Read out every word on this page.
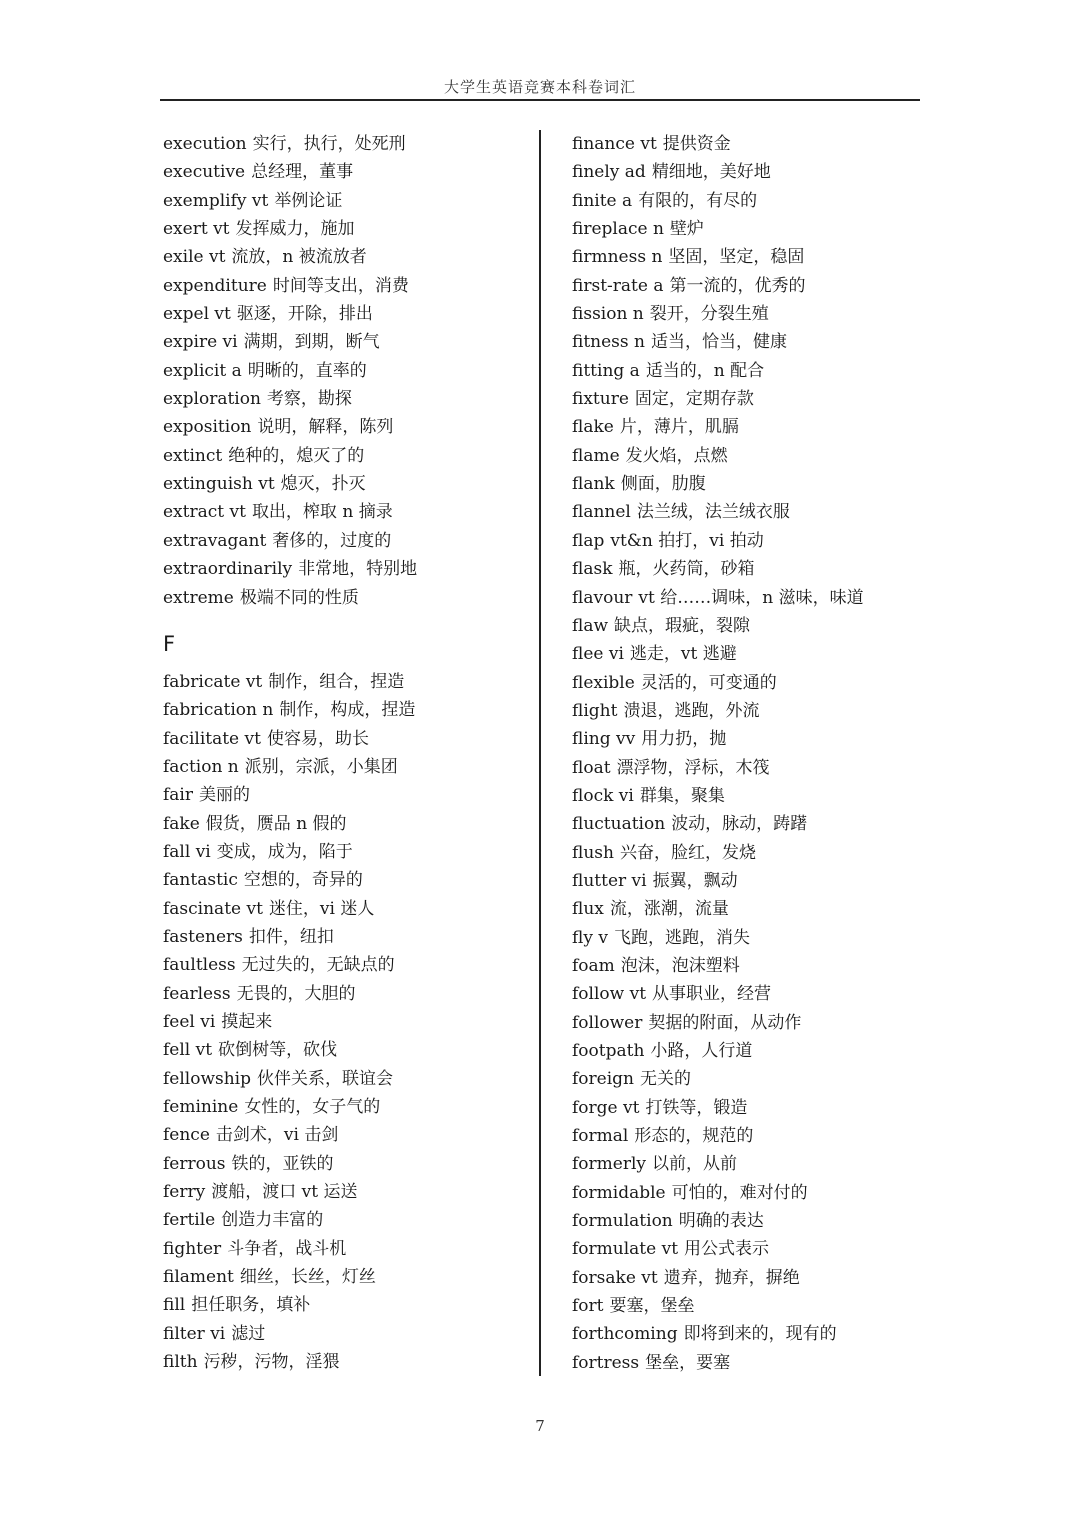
大学生英语竞赛本科卷词汇
execution 实行，执行，处死刑
executive 总经理，董事
exemplify vt 举例论证
exert vt 发挥威力，施加
exile vt 流放，n 被流放者
expenditure 时间等支出，消费
expel vt 驱逐，开除，排出
expire vi 满期，到期，断气
explicit a 明晰的，直率的
exploration 考察，勘探
exposition 说明，解释，陈列
extinct 绝种的，熄灭了的
extinguish vt 熄灭，扑灭
extract vt 取出，榨取 n 摘录
extravagant 奢侈的，过度的
extraordinarily 非常地，特别地
extreme 极端不同的性质
F
fabricate vt 制作，组合，捏造
fabrication n 制作，构成，捏造
facilitate vt 使容易，助长
faction n 派别，宗派，小集团
fair 美丽的
fake 假货，赝品 n 假的
fall vi 变成，成为，陷于
fantastic 空想的，奇异的
fascinate vt 迷住，vi 迷人
fasteners 扣件，纽扣
faultless 无过失的，无缺点的
fearless 无畏的，大胆的
feel vi 摸起来
fell vt 砍倒树等，砍伐
fellowship 伙伴关系，联谊会
feminine 女性的，女子气的
fence 击剑术，vi 击剑
ferrous 铁的，亚铁的
ferry 渡船，渡口 vt 运送
fertile 创造力丰富的
fighter 斗争者，战斗机
filament 细丝，长丝，灯丝
fill 担任职务，填补
filter vi 滤过
filth 污秽，污物，淫猥
finance vt 提供资金
finely ad 精细地，美好地
finite a 有限的，有尽的
fireplace n 壁炉
firmness n 坚固，坚定，稳固
first-rate a 第一流的，优秀的
fission n 裂开，分裂生殖
fitness n 适当，恰当，健康
fitting a 适当的，n 配合
fixture 固定，定期存款
flake 片，薄片，肌膈
flame 发火焰，点燃
flank 侧面，肋腹
flannel 法兰绒，法兰绒衣服
flap vt&n 拍打，vi 拍动
flask 瓶，火药筒，砂箱
flavour vt 给……调味，n 滋味，味道
flaw 缺点，瑕疵，裂隙
flee vi 逃走，vt 逃避
flexible 灵活的，可变通的
flight 溃退，逃跑，外流
fling vv 用力扔，抛
float 漂浮物，浮标，木筏
flock vi 群集，聚集
fluctuation 波动，脉动，踌躇
flush 兴奋，脸红，发烧
flutter vi 振翼，飘动
flux 流，涨潮，流量
fly v 飞跑，逃跑，消失
foam 泡沫，泡沫塑料
follow vt 从事职业，经营
follower 契据的附面，从动作
footpath 小路，人行道
foreign 无关的
forge vt 打铁等，锻造
formal 形态的，规范的
formerly 以前，从前
formidable 可怕的，难对付的
formulation 明确的表达
formulate vt 用公式表示
forsake vt 遗弃，抛弃，摒绝
fort 要塞，堡垒
forthcoming 即将到来的，现有的
fortress 堡垒，要塞
7
